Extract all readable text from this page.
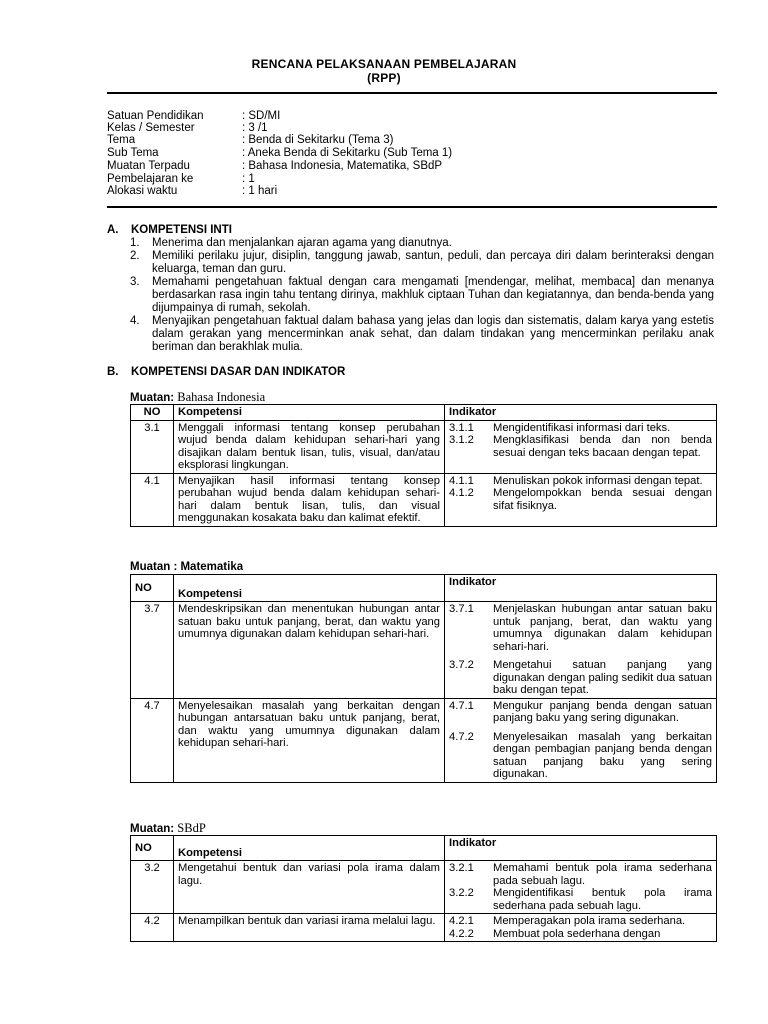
RENCANA PELAKSANAAN PEMBELAJARAN
(RPP)
Satuan Pendidikan	: SD/MI
Kelas / Semester	: 3 /1
Tema	: Benda di Sekitarku (Tema 3)
Sub Tema	: Aneka Benda di Sekitarku (Sub Tema 1)
Muatan Terpadu	: Bahasa Indonesia, Matematika, SBdP
Pembelajaran ke	: 1
Alokasi waktu	: 1 hari
A. KOMPETENSI INTI
1. Menerima dan menjalankan ajaran agama yang dianutnya.
2. Memiliki perilaku jujur, disiplin, tanggung jawab, santun, peduli, dan percaya diri dalam berinteraksi dengan keluarga, teman dan guru.
3. Memahami pengetahuan faktual dengan cara mengamati [mendengar, melihat, membaca] dan menanya berdasarkan rasa ingin tahu tentang dirinya, makhluk ciptaan Tuhan dan kegiatannya, dan benda-benda yang dijumpainya di rumah, sekolah.
4. Menyajikan pengetahuan faktual dalam bahasa yang jelas dan logis dan sistematis, dalam karya yang estetis dalam gerakan yang mencerminkan anak sehat, dan dalam tindakan yang mencerminkan perilaku anak beriman dan berakhlak mulia.
B. KOMPETENSI DASAR DAN INDIKATOR
Muatan: Bahasa Indonesia
NO	Kompetensi	Indikator
3.1	Menggali informasi tentang konsep perubahan wujud benda dalam kehidupan sehari-hari yang disajikan dalam bentuk lisan, tulis, visual, dan/atau eksplorasi lingkungan.	3.1.1 Mengidentifikasi informasi dari teks.
3.1.2 Mengklasifikasi benda dan non benda sesuai dengan teks bacaan dengan tepat.

4.1	Menyajikan hasil informasi tentang konsep perubahan wujud benda dalam kehidupan sehari-hari dalam bentuk lisan, tulis, dan visual menggunakan kosakata baku dan kalimat efektif.	4.1.1 Menuliskan pokok informasi dengan tepat.
4.1.2 Mengelompokkan benda sesuai dengan sifat fisiknya.
Muatan : Matematika
NO	Kompetensi	Indikator
3.7	Mendeskripsikan dan menentukan hubungan antar satuan baku untuk panjang, berat, dan waktu yang umumnya digunakan dalam kehidupan sehari-hari.	3.7.1 Menjelaskan hubungan antar satuan baku untuk panjang, berat, dan waktu yang umumnya digunakan dalam kehidupan sehari-hari.
3.7.2 Mengetahui satuan panjang yang digunakan dengan paling sedikit dua satuan baku dengan tepat.

4.7	Menyelesaikan masalah yang berkaitan dengan hubungan antarsatuan baku untuk panjang, berat, dan waktu yang umumnya digunakan dalam kehidupan sehari-hari.	4.7.1 Mengukur panjang benda dengan satuan panjang baku yang sering digunakan.
4.7.2 Menyelesaikan masalah yang berkaitan dengan pembagian panjang benda dengan satuan panjang baku yang sering digunakan.
Muatan: SBdP
NO	Kompetensi	Indikator
3.2	Mengetahui bentuk dan variasi pola irama dalam lagu.	3.2.1 Memahami bentuk pola irama sederhana pada sebuah lagu.
3.2.2 Mengidentifikasi bentuk pola irama sederhana pada sebuah lagu.

4.2	Menampilkan bentuk dan variasi irama melalui lagu.	4.2.1 Memperagakan pola irama sederhana.
4.2.2 Membuat pola sederhana dengan
